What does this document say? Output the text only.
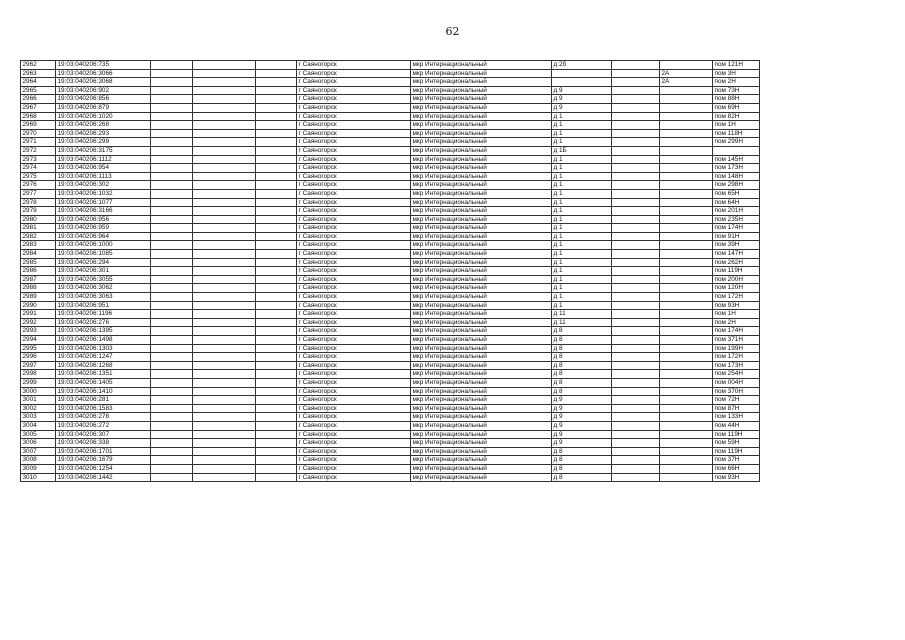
62
2962	19:03:040206:735				г Саяногорск	мкр Интернациональный	д 2б			пом 121Н
2963	19:03:040206:3066				г Саяногорск	мкр Интернациональный			2А	пом 3Н
2964	19:03:040206:3068				г Саяногорск	мкр Интернациональный			2А	пом 2Н
2965	19:03:040206:902				г Саяногорск	мкр Интернациональный	д 9			пом 73Н
2966	19:03:040206:856				г Саяногорск	мкр Интернациональный	д 9			пом 88Н
2967	19:03:040206:879				г Саяногорск	мкр Интернациональный	д 9			пом 69Н
2968	19:03:040206:1020				г Саяногорск	мкр Интернациональный	д 1			пом 82Н
2969	19:03:040206:268				г Саяногорск	мкр Интернациональный	д 1			пом 1Н
2970	19:03:040206:293				г Саяногорск	мкр Интернациональный	д 1			пом 118Н
2971	19:03:040206:299				г Саяногорск	мкр Интернациональный	д 1			пом 299Н
2972	19:03:040206:3175				г Саяногорск	мкр Интернациональный	д 1Б			
2973	19:03:040206:1112				г Саяногорск	мкр Интернациональный	д 1			пом 145Н
2974	19:03:040206:954				г Саяногорск	мкр Интернациональный	д 1			пом 173Н
2975	19:03:040206:1113				г Саяногорск	мкр Интернациональный	д 1			пом 148Н
2976	19:03:040206:302				г Саяногорск	мкр Интернациональный	д 1			пом 298Н
2977	19:03:040206:1032				г Саяногорск	мкр Интернациональный	д 1			пом 65Н
2978	19:03:040206:1077				г Саяногорск	мкр Интернациональный	д 1			пом 64Н
2979	19:03:040206:3166				г Саяногорск	мкр Интернациональный	д 1			пом 201Н
2980	19:03:040206:956				г Саяногорск	мкр Интернациональный	д 1			пом 235Н
2981	19:03:040206:959				г Саяногорск	мкр Интернациональный	д 1			пом 174Н
2982	19:03:040206:964				г Саяногорск	мкр Интернациональный	д 1			пом 91Н
2983	19:03:040206:1000				г Саяногорск	мкр Интернациональный	д 1			пом 39Н
2984	19:03:040206:1085				г Саяногорск	мкр Интернациональный	д 1			пом 147Н
2985	19:03:040206:294				г Саяногорск	мкр Интернациональный	д 1			пом 262Н
2986	19:03:040206:301				г Саяногорск	мкр Интернациональный	д 1			пом 119Н
2987	19:03:040206:3055				г Саяногорск	мкр Интернациональный	д 1			пом 200Н
2988	19:03:040206:3062				г Саяногорск	мкр Интернациональный	д 1			пом 120Н
2989	19:03:040206:3063				г Саяногорск	мкр Интернациональный	д 1			пом 172Н
2990	19:03:040206:951				г Саяногорск	мкр Интернациональный	д 1			пом 93Н
2991	19:03:040206:1196				г Саяногорск	мкр Интернациональный	д 11			пом 1Н
2992	19:03:040206:276				г Саяногорск	мкр Интернациональный	д 11			пом 2Н
2993	19:03:040206:1395				г Саяногорск	мкр Интернациональный	д 8			пом 174Н
2994	19:03:040206:1498				г Саяногорск	мкр Интернациональный	д 8			пом 371Н
2995	19:03:040206:1303				г Саяногорск	мкр Интернациональный	д 8			пом 199Н
2996	19:03:040206:1247				г Саяногорск	мкр Интернациональный	д 8			пом 172Н
2997	19:03:040206:1268				г Саяногорск	мкр Интернациональный	д 8			пом 173Н
2998	19:03:040206:1351				г Саяногорск	мкр Интернациональный	д 8			пом 254Н
2999	19:03:040206:1405				г Саяногорск	мкр Интернациональный	д 8			пом 004Н
3000	19:03:040206:1410				г Саяногорск	мкр Интернациональный	д 8			пом 370Н
3001	19:03:040206:281				г Саяногорск	мкр Интернациональный	д 9			пом 72Н
3002	19:03:040206:1583				г Саяногорск	мкр Интернациональный	д 9			пом 87Н
3003	19:03:040206:278				г Саяногорск	мкр Интернациональный	д 9			пом 133Н
3004	19:03:040206:272				г Саяногорск	мкр Интернациональный	д 9			пом 44Н
3005	19:03:040206:307				г Саяногорск	мкр Интернациональный	д 9			пом 119Н
3006	19:03:040206:338				г Саяногорск	мкр Интернациональный	д 9			пом 59Н
3007	19:03:040206:1701				г Саяногорск	мкр Интернациональный	д 8			пом 119Н
3008	19:03:040206:1679				г Саяногорск	мкр Интернациональный	д 8			пом 37Н
3009	19:03:040206:1254				г Саяногорск	мкр Интернациональный	д 8			пом 66Н
3010	19:03:040206:1442				г Саяногорск	мкр Интернациональный	д 8			пом 93Н
